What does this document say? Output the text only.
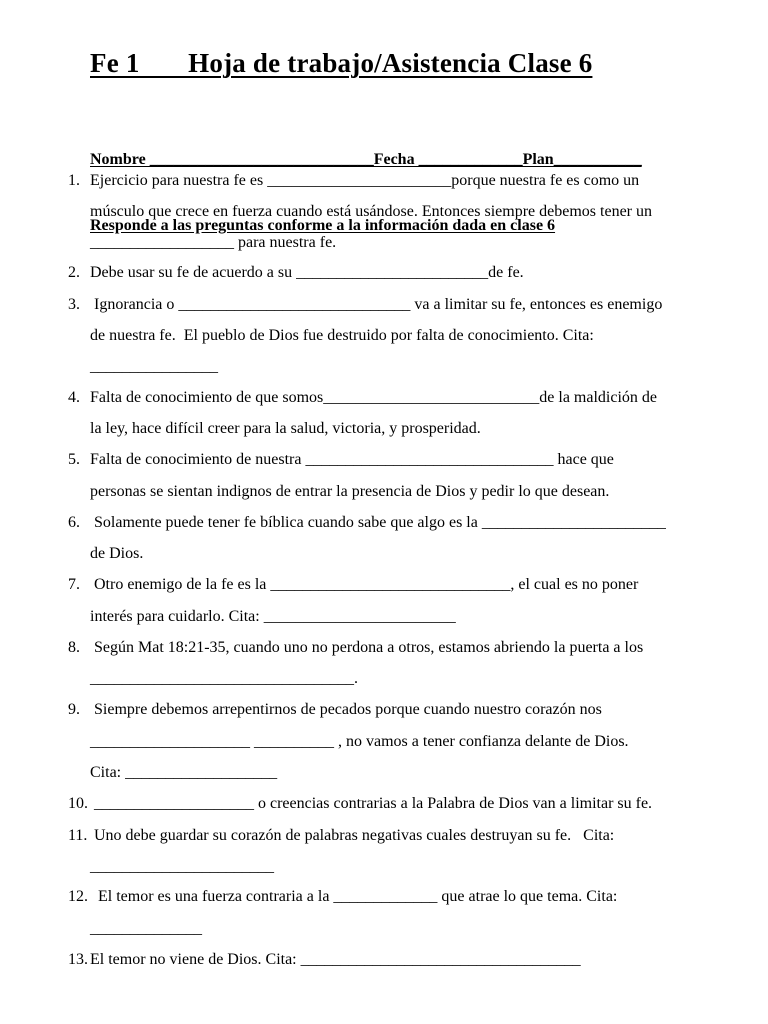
Fe 1       Hoja de trabajo/Asistencia Clase 6

Nombre ____________________________Fecha _____________Plan___________

Responde a las preguntas conforme a la información dada en clase 6

1. Ejercicio para nuestra fe es _______________________porque nuestra fe es como un
músculo que crece en fuerza cuando está usándose. Entonces siempre debemos tener un
__________________ para nuestra fe.
2. Debe usar su fe de acuerdo a su ________________________de fe.
3. Ignorancia o _____________________________ va a limitar su fe, entonces es enemigo
de nuestra fe.  El pueblo de Dios fue destruido por falta de conocimiento. Cita:
________________
4. Falta de conocimiento de que somos___________________________de la maldición de
la ley, hace difícil creer para la salud, victoria, y prosperidad.
5. Falta de conocimiento de nuestra _______________________________ hace que
personas se sientan indignos de entrar la presencia de Dios y pedir lo que desean.
6. Solamente puede tener fe bíblica cuando sabe que algo es la _______________________
de Dios.
7. Otro enemigo de la fe es la ______________________________, el cual es no poner
interés para cuidarlo. Cita: ________________________
8. Según Mat 18:21-35, cuando uno no perdona a otros, estamos abriendo la puerta a los
_________________________________.
9. Siempre debemos arrepentirnos de pecados porque cuando nuestro corazón nos
____________________ __________ , no vamos a tener confianza delante de Dios.
Cita: ___________________
10. ____________________ o creencias contrarias a la Palabra de Dios van a limitar su fe.
11. Uno debe guardar su corazón de palabras negativas cuales destruyan su fe.   Cita:
_______________________
12. El temor es una fuerza contraria a la _____________ que atrae lo que tema. Cita:
______________
13. El temor no viene de Dios. Cita: ___________________________________
